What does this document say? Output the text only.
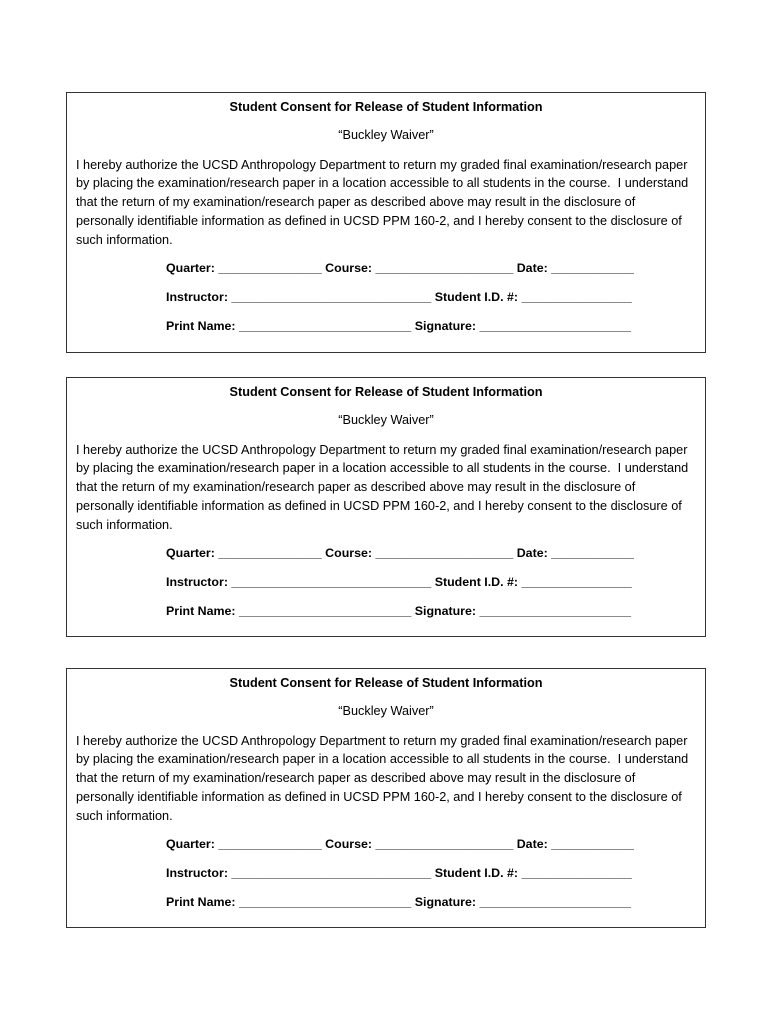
Student Consent for Release of Student Information
“Buckley Waiver”
I hereby authorize the UCSD Anthropology Department to return my graded final examination/research paper
by placing the examination/research paper in a location accessible to all students in the course.  I understand
that the return of my examination/research paper as described above may result in the disclosure of
personally identifiable information as defined in UCSD PPM 160-2, and I hereby consent to the disclosure of
such information.
Quarter: _______________ Course: ____________________ Date: ____________
Instructor: _____________________________ Student I.D. #: ________________
Print Name: _________________________ Signature: ______________________
Student Consent for Release of Student Information
“Buckley Waiver”
I hereby authorize the UCSD Anthropology Department to return my graded final examination/research paper
by placing the examination/research paper in a location accessible to all students in the course.  I understand
that the return of my examination/research paper as described above may result in the disclosure of
personally identifiable information as defined in UCSD PPM 160-2, and I hereby consent to the disclosure of
such information.
Quarter: _______________ Course: ____________________ Date: ____________
Instructor: _____________________________ Student I.D. #: ________________
Print Name: _________________________ Signature: ______________________
Student Consent for Release of Student Information
“Buckley Waiver”
I hereby authorize the UCSD Anthropology Department to return my graded final examination/research paper
by placing the examination/research paper in a location accessible to all students in the course.  I understand
that the return of my examination/research paper as described above may result in the disclosure of
personally identifiable information as defined in UCSD PPM 160-2, and I hereby consent to the disclosure of
such information.
Quarter: _______________ Course: ____________________ Date: ____________
Instructor: _____________________________ Student I.D. #: ________________
Print Name: _________________________ Signature: ______________________
